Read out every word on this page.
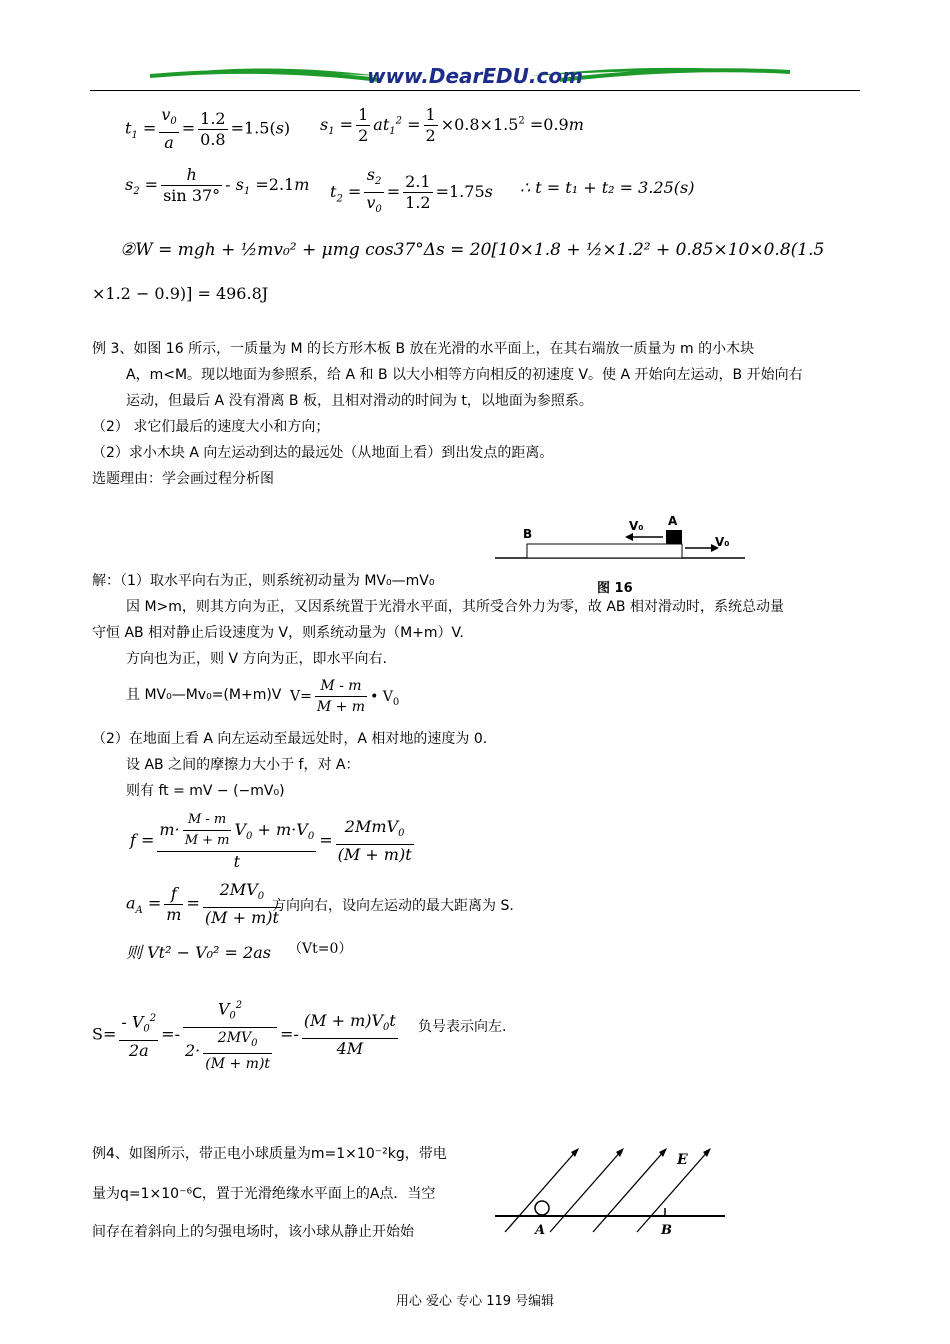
www.DearEDU.com
$t_1 = \frac{v_0}{a} = \frac{1.2}{0.8} =1.5(s) s_1 = \frac{1}{2} at_1^2 = \frac{1}{2} \times 0.8\times 1.5^2 =0.9m$
$s_2 = \frac{h}{\sin 37^\circ} - s_1 =2.1m$ $t_2 = \frac{s_2}{v_0} = \frac{2.1}{1.2} =1.75s$ ∴ t = t₁ + t₂ = 3.25(s)
②W = mgh + ½mv₀² + μmg cos37°Δs = 20[10×1.8 + ½×1.2² + 0.85×10×0.8(1.5
×1.2 − 0.9)] = 496.8J
例 3、如图 16 所示，一质量为 M 的长方形木板 B 放在光滑的水平面上，在其右端放一质量为 m 的小木块
A，m<M。现以地面为参照系，给 A 和 B 以大小相等方向相反的初速度 V。使 A 开始向左运动，B 开始向右
运动，但最后 A 没有滑离 B 板，且相对滑动的时间为 t，以地面为参照系。
（2） 求它们最后的速度大小和方向；
（2）求小木块 A 向左运动到达的最远处（从地面上看）到出发点的距离。
选题理由：学会画过程分析图
B
A
V₀
V₀
图 16
解：（1）取水平向右为正，则系统初动量为 MV₀—mV₀
因 M>m，则其方向为正，又因系统置于光滑水平面，其所受合外力为零，故 AB 相对滑动时，系统总动量
守恒 AB 相对静止后设速度为 V，则系统动量为（M+m）V.
方向也为正，则 V 方向为正，即水平向右.
且 MV₀—Mv₀=(M+m)V $V= \frac{M - m}{M + m}$ • $V_0$
（2）在地面上看 A 向左运动至最远处时，A 相对地的速度为 0.
设 AB 之间的摩擦力大小于 f，对 A：
则有 ft = mV − (−mV₀)
$f = \frac{m\cdot \frac{M - m}{M + m} V_0 + m\cdot V_0}{t} = \frac{2MmV_0}{(M + m)t}$
$a_A = \frac{f}{m} = \frac{2MV_0}{(M + m)t}$
方向向右，设向左运动的最大距离为 S.
则 Vt² − V₀² = 2as （Vt=0）
$S= \frac{- V_0^2}{2a} =- \frac{V_0^2}{2\cdot \frac{2MV_0}{(M + m)t}} =- \frac{(M + m)V_0t}{4M}$ 负号表示向左.
例4、如图所示，带正电小球质量为m=1×10⁻²kg，带电
量为q=1×10⁻⁶C，置于光滑绝缘水平面上的A点．当空
间存在着斜向上的匀强电场时，该小球从静止开始始
E
A	B
用心 爱心 专心 119 号编辑
